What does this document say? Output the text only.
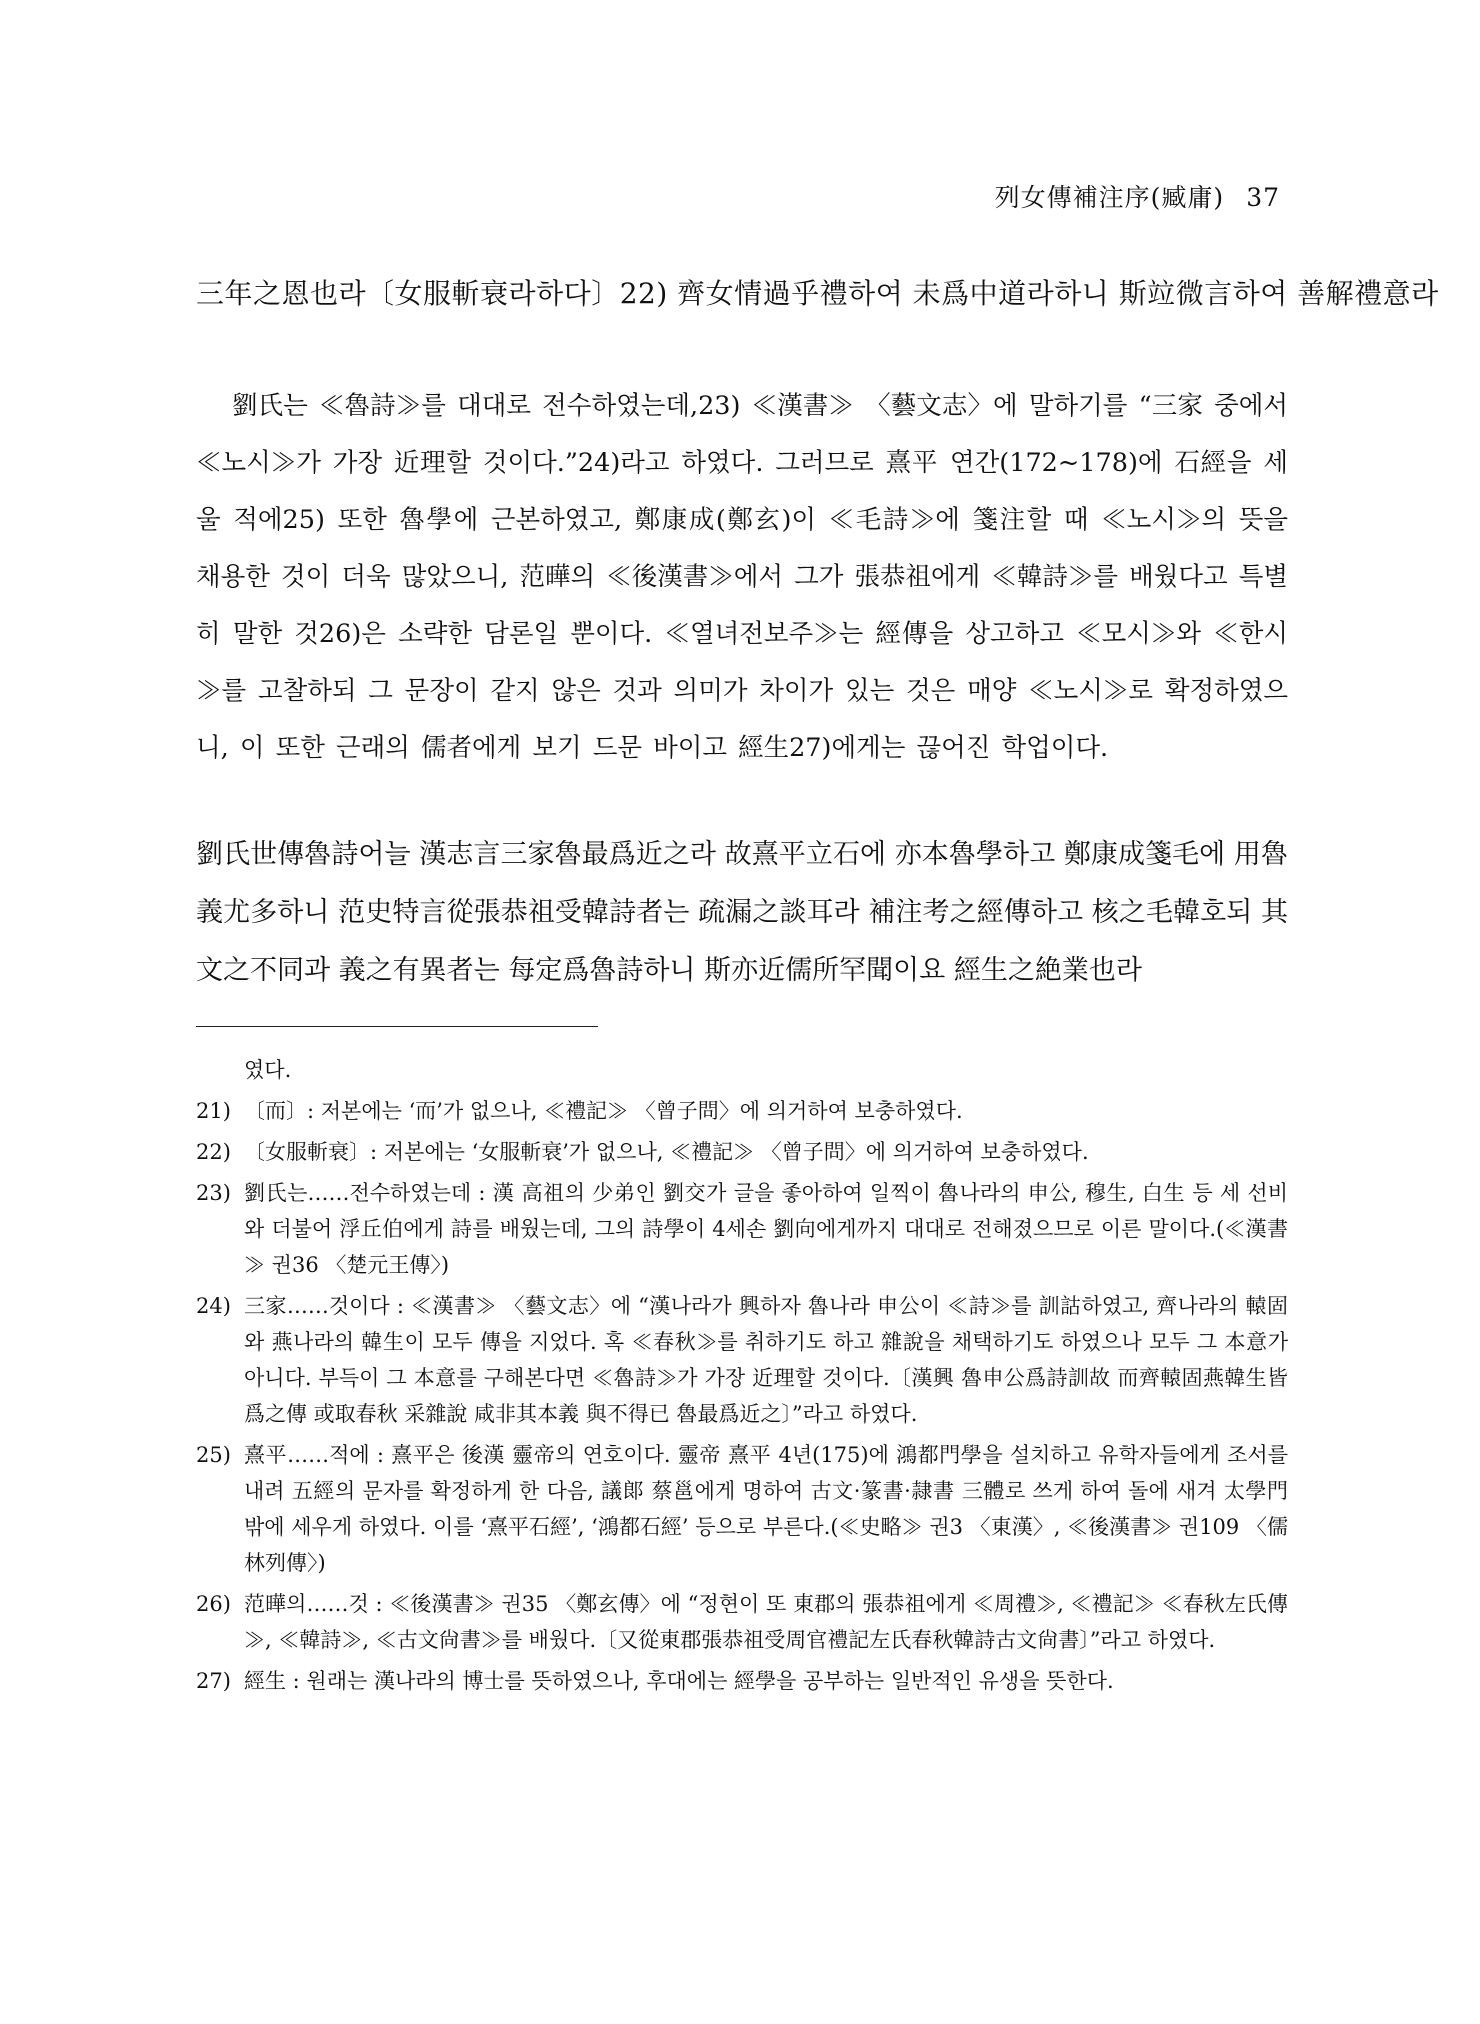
列女傳補注序(臧庸) 37
三年之恩也라〔女服斬衰라하다〕22) 齊女情過乎禮하여 未爲中道라하니 斯竝微言하여 善解禮意라

劉氏는 ≪魯詩≫를 대대로 전수하였는데,23) ≪漢書≫ 〈藝文志〉에 말하기를 “三家 중에서 ≪노시≫가 가장 近理할 것이다.”24)라고 하였다. 그러므로 熹平 연간(172~178)에 石經을 세울 적에25) 또한 魯學에 근본하였고, 鄭康成(鄭玄)이 ≪毛詩≫에 箋注할 때 ≪노시≫의 뜻을 채용한 것이 더욱 많았으니, 范曄의 ≪後漢書≫에서 그가 張恭祖에게 ≪韓詩≫를 배웠다고 특별히 말한 것26)은 소략한 담론일 뿐이다. ≪열녀전보주≫는 經傳을 상고하고 ≪모시≫와 ≪한시≫를 고찰하되 그 문장이 같지 않은 것과 의미가 차이가 있는 것은 매양 ≪노시≫로 확정하였으니, 이 또한 근래의 儒者에게 보기 드문 바이고 經生27)에게는 끊어진 학업이다.

劉氏世傳魯詩어늘 漢志言三家魯最爲近之라 故熹平立石에 亦本魯學하고 鄭康成箋毛에 用魯義尤多하니 范史特言從張恭祖受韓詩者는 疏漏之談耳라 補注考之經傳하고 核之毛韓호되 其文之不同과 義之有異者는 每定爲魯詩하니 斯亦近儒所罕聞이요 經生之絶業也라

였다.
21) 〔而〕: 저본에는 ‘而’가 없으나, ≪禮記≫ 〈曾子問〉에 의거하여 보충하였다.
22) 〔女服斬衰〕: 저본에는 ‘女服斬衰’가 없으나, ≪禮記≫ 〈曾子問〉에 의거하여 보충하였다.
23) 劉氏는……전수하였는데 : 漢 高祖의 少弟인 劉交가 글을 좋아하여 일찍이 魯나라의 申公, 穆生, 白生 등 세 선비와 더불어 浮丘伯에게 詩를 배웠는데, 그의 詩學이 4세손 劉向에게까지 대대로 전해졌으므로 이른 말이다.(≪漢書≫ 권36 〈楚元王傳〉)
24) 三家……것이다 : ≪漢書≫ 〈藝文志〉에 “漢나라가 興하자 魯나라 申公이 ≪詩≫를 訓詁하였고, 齊나라의 轅固와 燕나라의 韓生이 모두 傳을 지었다. 혹 ≪春秋≫를 취하기도 하고 雜說을 채택하기도 하였으나 모두 그 本意가 아니다. 부득이 그 本意를 구해본다면 ≪魯詩≫가 가장 近理할 것이다.〔漢興 魯申公爲詩訓故 而齊轅固燕韓生皆爲之傳 或取春秋 采雜說 咸非其本義 與不得已 魯最爲近之〕”라고 하였다.
25) 熹平……적에 : 熹平은 後漢 靈帝의 연호이다. 靈帝 熹平 4년(175)에 鴻都門學을 설치하고 유학자들에게 조서를 내려 五經의 문자를 확정하게 한 다음, 議郞 蔡邕에게 명하여 古文·篆書·隷書 三體로 쓰게 하여 돌에 새겨 太學門 밖에 세우게 하였다. 이를 ‘熹平石經’, ‘鴻都石經’ 등으로 부른다.(≪史略≫ 권3 〈東漢〉, ≪後漢書≫ 권109 〈儒林列傳〉)
26) 范曄의……것 : ≪後漢書≫ 권35 〈鄭玄傳〉에 “정현이 또 東郡의 張恭祖에게 ≪周禮≫, ≪禮記≫ ≪春秋左氏傳≫, ≪韓詩≫, ≪古文尙書≫를 배웠다.〔又從東郡張恭祖受周官禮記左氏春秋韓詩古文尙書〕”라고 하였다.
27) 經生 : 원래는 漢나라의 博士를 뜻하였으나, 후대에는 經學을 공부하는 일반적인 유생을 뜻한다.
